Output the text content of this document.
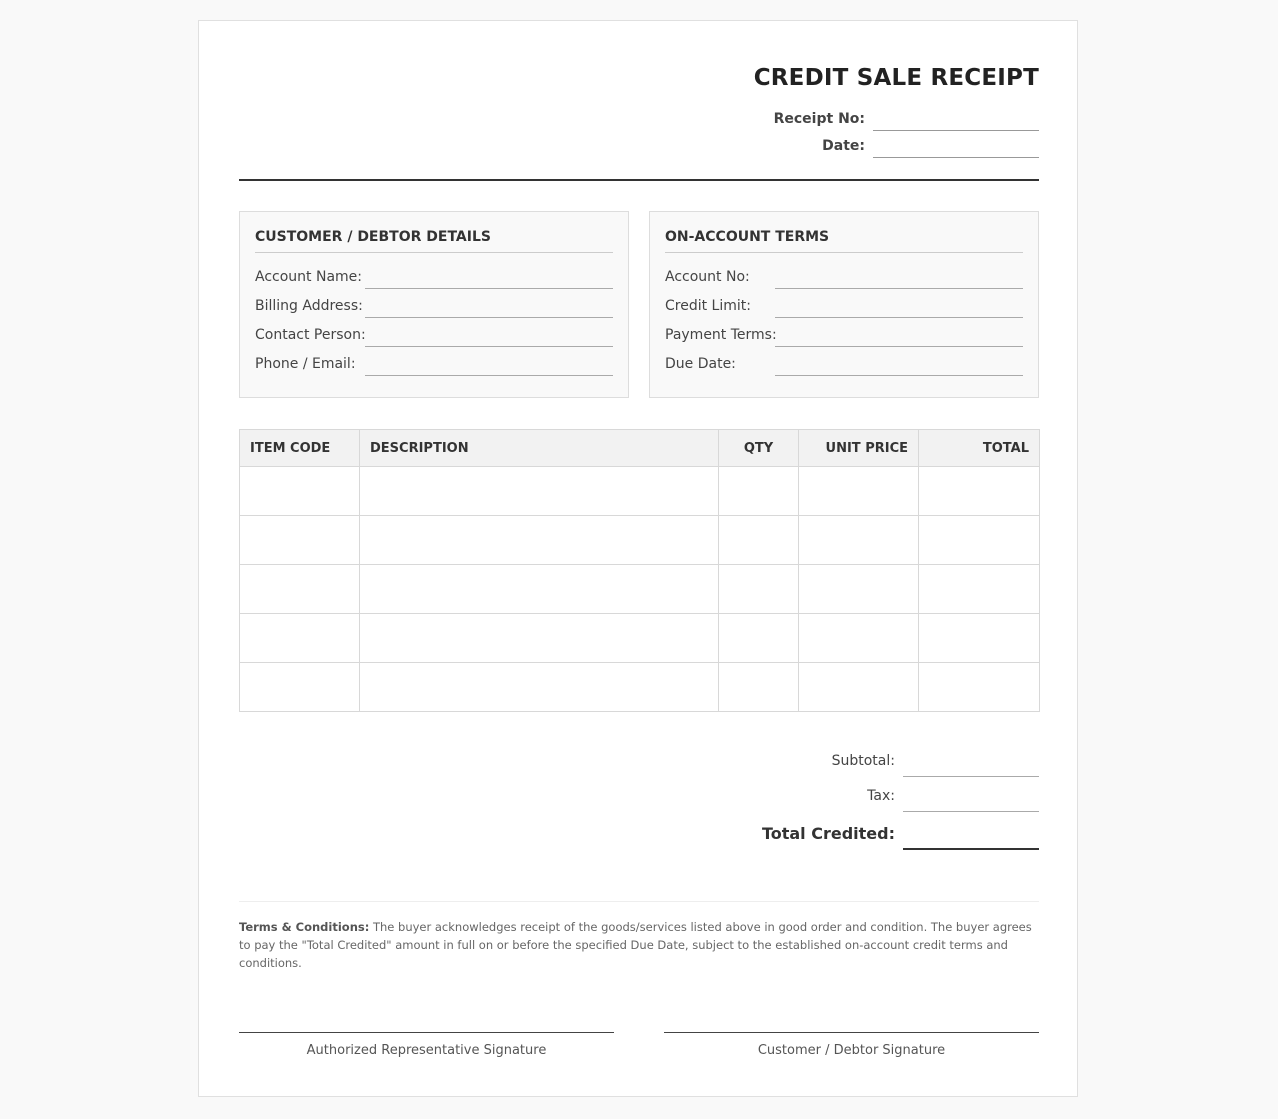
CREDIT SALE RECEIPT
Receipt No:
Date:
CUSTOMER / DEBTOR DETAILS
Account Name:
Billing Address:
Contact Person:
Phone / Email:
ON-ACCOUNT TERMS
Account No:
Credit Limit:
Payment Terms:
Due Date:
ITEM CODE	DESCRIPTION	QTY	UNIT PRICE	TOTAL

Subtotal:
Tax:
Total Credited:
Terms & Conditions: The buyer acknowledges receipt of the goods/services listed above in good order and condition. The buyer agrees to pay the "Total Credited" amount in full on or before the specified Due Date, subject to the established on-account credit terms and conditions.
Authorized Representative Signature	Customer / Debtor Signature
